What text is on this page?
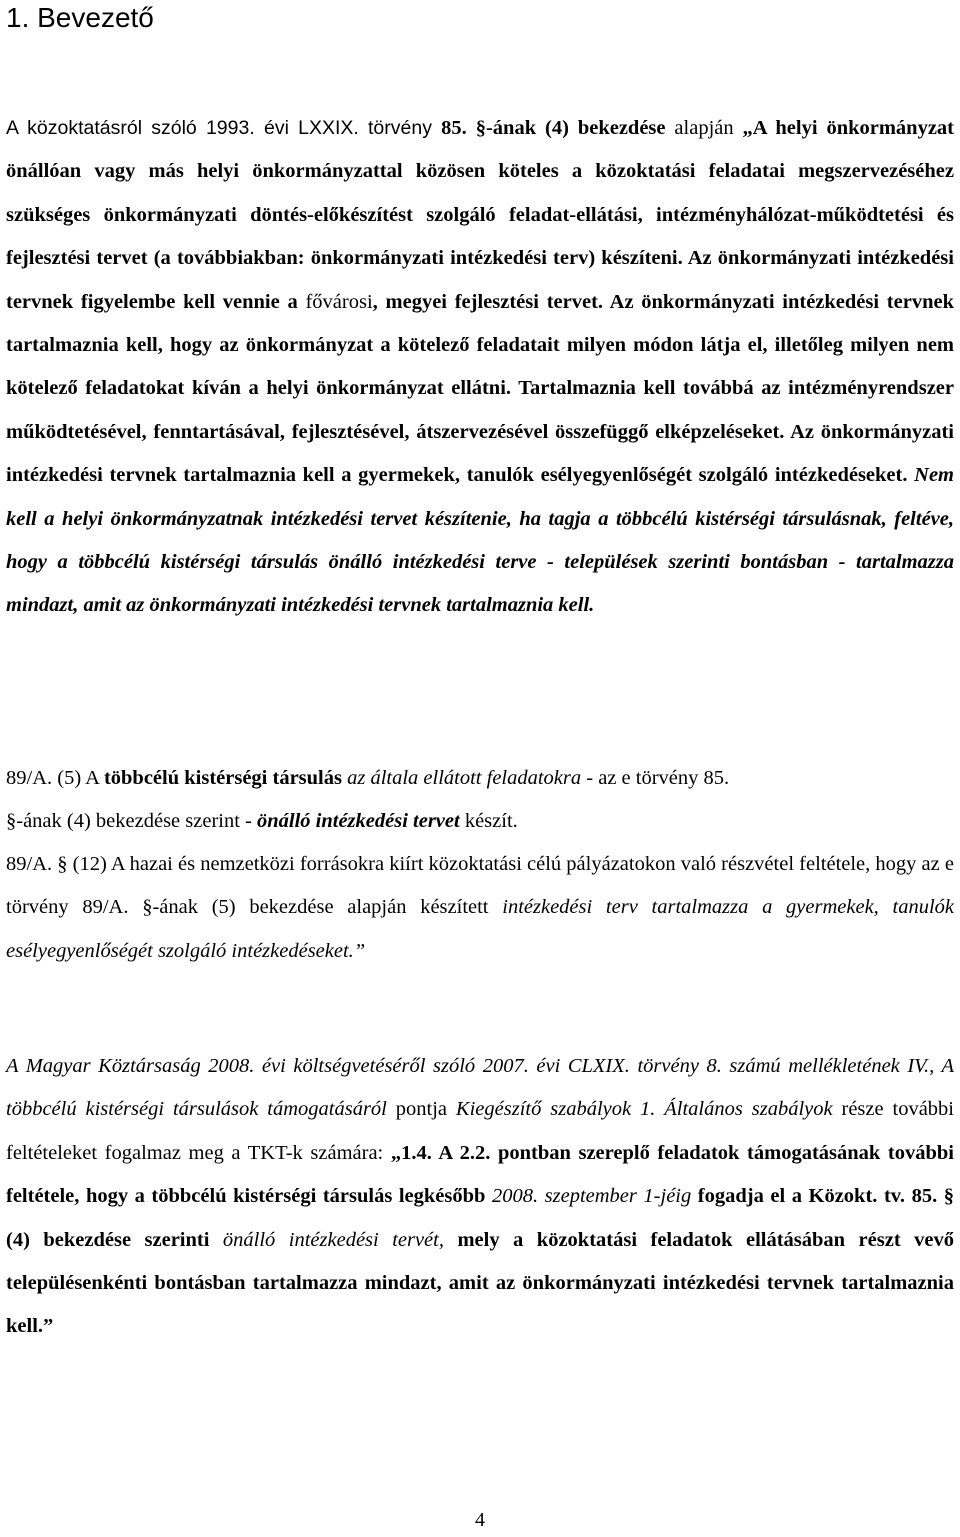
1. Bevezető

A közoktatásról szóló 1993. évi LXXIX. törvény 85. §-ának (4) bekezdése alapján „A helyi önkormányzat önállóan vagy más helyi önkormányzattal közösen köteles a közoktatási feladatai megszervezéséhez szükséges önkormányzati döntés-előkészítést szolgáló feladat-ellátási, intézményhálózat-működtetési és fejlesztési tervet (a továbbiakban: önkormányzati intézkedési terv) készíteni. Az önkormányzati intézkedési tervnek figyelembe kell vennie a fővárosi, megyei fejlesztési tervet. Az önkormányzati intézkedési tervnek tartalmaznia kell, hogy az önkormányzat a kötelező feladatait milyen módon látja el, illetőleg milyen nem kötelező feladatokat kíván a helyi önkormányzat ellátni. Tartalmaznia kell továbbá az intézményrendszer működtetésével, fenntartásával, fejlesztésével, átszervezésével összefüggő elképzeléseket. Az önkormányzati intézkedési tervnek tartalmaznia kell a gyermekek, tanulók esélyegyenlőségét szolgáló intézkedéseket. Nem kell a helyi önkormányzatnak intézkedési tervet készítenie, ha tagja a többcélú kistérségi társulásnak, feltéve, hogy a többcélú kistérségi társulás önálló intézkedési terve - települések szerinti bontásban - tartalmazza mindazt, amit az önkormányzati intézkedési tervnek tartalmaznia kell.

89/A. (5) A többcélú kistérségi társulás az általa ellátott feladatokra - az e törvény 85.

§-ának (4) bekezdése szerint - önálló intézkedési tervet készít.

89/A. § (12) A hazai és nemzetközi forrásokra kiírt közoktatási célú pályázatokon való részvétel feltétele, hogy az e törvény 89/A. §-ának (5) bekezdése alapján készített intézkedési terv tartalmazza a gyermekek, tanulók esélyegyenlőségét szolgáló intézkedéseket.”

A Magyar Köztársaság 2008. évi költségvetéséről szóló 2007. évi CLXIX. törvény 8. számú mellékletének IV., A többcélú kistérségi társulások támogatásáról pontja Kiegészítő szabályok 1. Általános szabályok része további feltételeket fogalmaz meg a TKT-k számára: „1.4. A 2.2. pontban szereplő feladatok támogatásának további feltétele, hogy a többcélú kistérségi társulás legkésőbb 2008. szeptember 1-jéig fogadja el a Közokt. tv. 85. § (4) bekezdése szerinti önálló intézkedési tervét, mely a közoktatási feladatok ellátásában részt vevő településenkénti bontásban tartalmazza mindazt, amit az önkormányzati intézkedési tervnek tartalmaznia kell.”

4
